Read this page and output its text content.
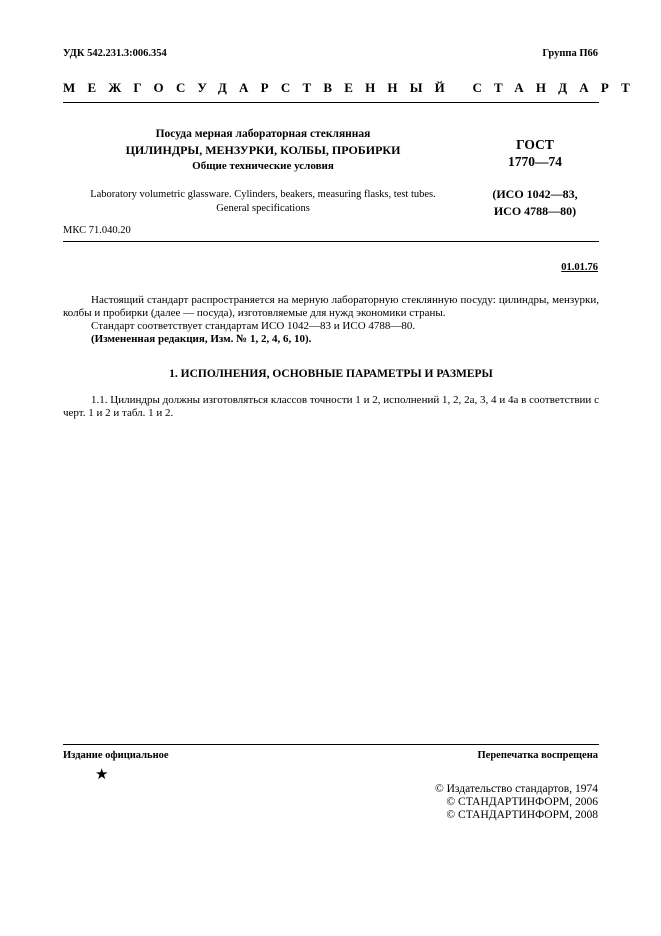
УДК 542.231.3:006.354	Группа П66
МЕЖГОСУДАРСТВЕННЫЙ СТАНДАРТ
Посуда мерная лабораторная стеклянная
ЦИЛИНДРЫ, МЕНЗУРКИ, КОЛБЫ, ПРОБИРКИ
Общие технические условия
ГОСТ
1770—74
Laboratory volumetric glassware. Cylinders, beakers, measuring flasks, test tubes.
General specifications
(ИСО 1042—83,
ИСО 4788—80)
МКС 71.040.20
01.01.76

Настоящий стандарт распространяется на мерную лабораторную стеклянную посуду: цилиндры, мензурки, колбы и пробирки (далее — посуда), изготовляемые для нужд экономики страны.

Стандарт соответствует стандартам ИСО 1042—83 и ИСО 4788—80.

(Измененная редакция, Изм. № 1, 2, 4, 6, 10).

1. ИСПОЛНЕНИЯ, ОСНОВНЫЕ ПАРАМЕТРЫ И РАЗМЕРЫ

1.1. Цилиндры должны изготовляться классов точности 1 и 2, исполнений 1, 2, 2а, 3, 4 и 4а в соответствии с черт. 1 и 2 и табл. 1 и 2.

Издание официальное	Перепечатка воспрещена
★
© Издательство стандартов, 1974
© СТАНДАРТИНФОРМ, 2006
© СТАНДАРТИНФОРМ, 2008
